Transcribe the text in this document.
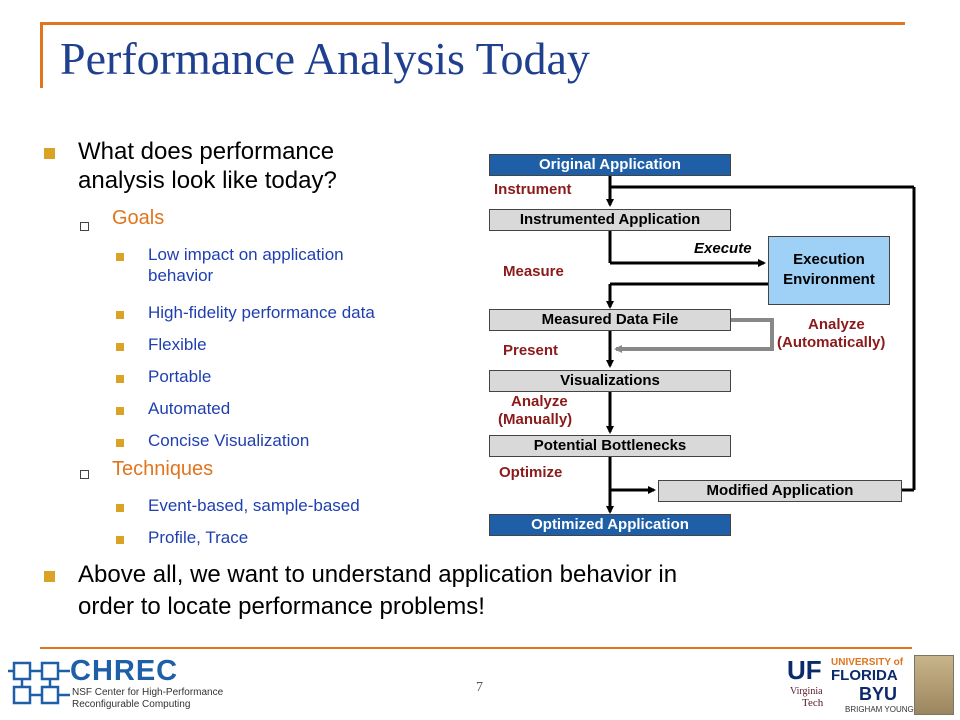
Performance Analysis Today
What does performance
analysis look like today?
Goals
Low impact on application
behavior
High-fidelity performance data
Flexible
Portable
Automated
Concise Visualization
Techniques
Event-based, sample-based
Profile, Trace
Above all, we want to understand application behavior in
order to locate performance problems!
Original Application
Instrumented Application
Measured Data File
Visualizations
Potential Bottlenecks
Modified Application
Optimized Application
Execution
Environment
Instrument
Execute
Measure
Present
Analyze
(Automatically)
Analyze
(Manually)
Optimize
7
CHREC
NSF Center for High-Performance
Reconfigurable Computing
UF UNIVERSITY of
FLORIDA
Virginia
Tech BYU
BRIGHAM YOUNG
